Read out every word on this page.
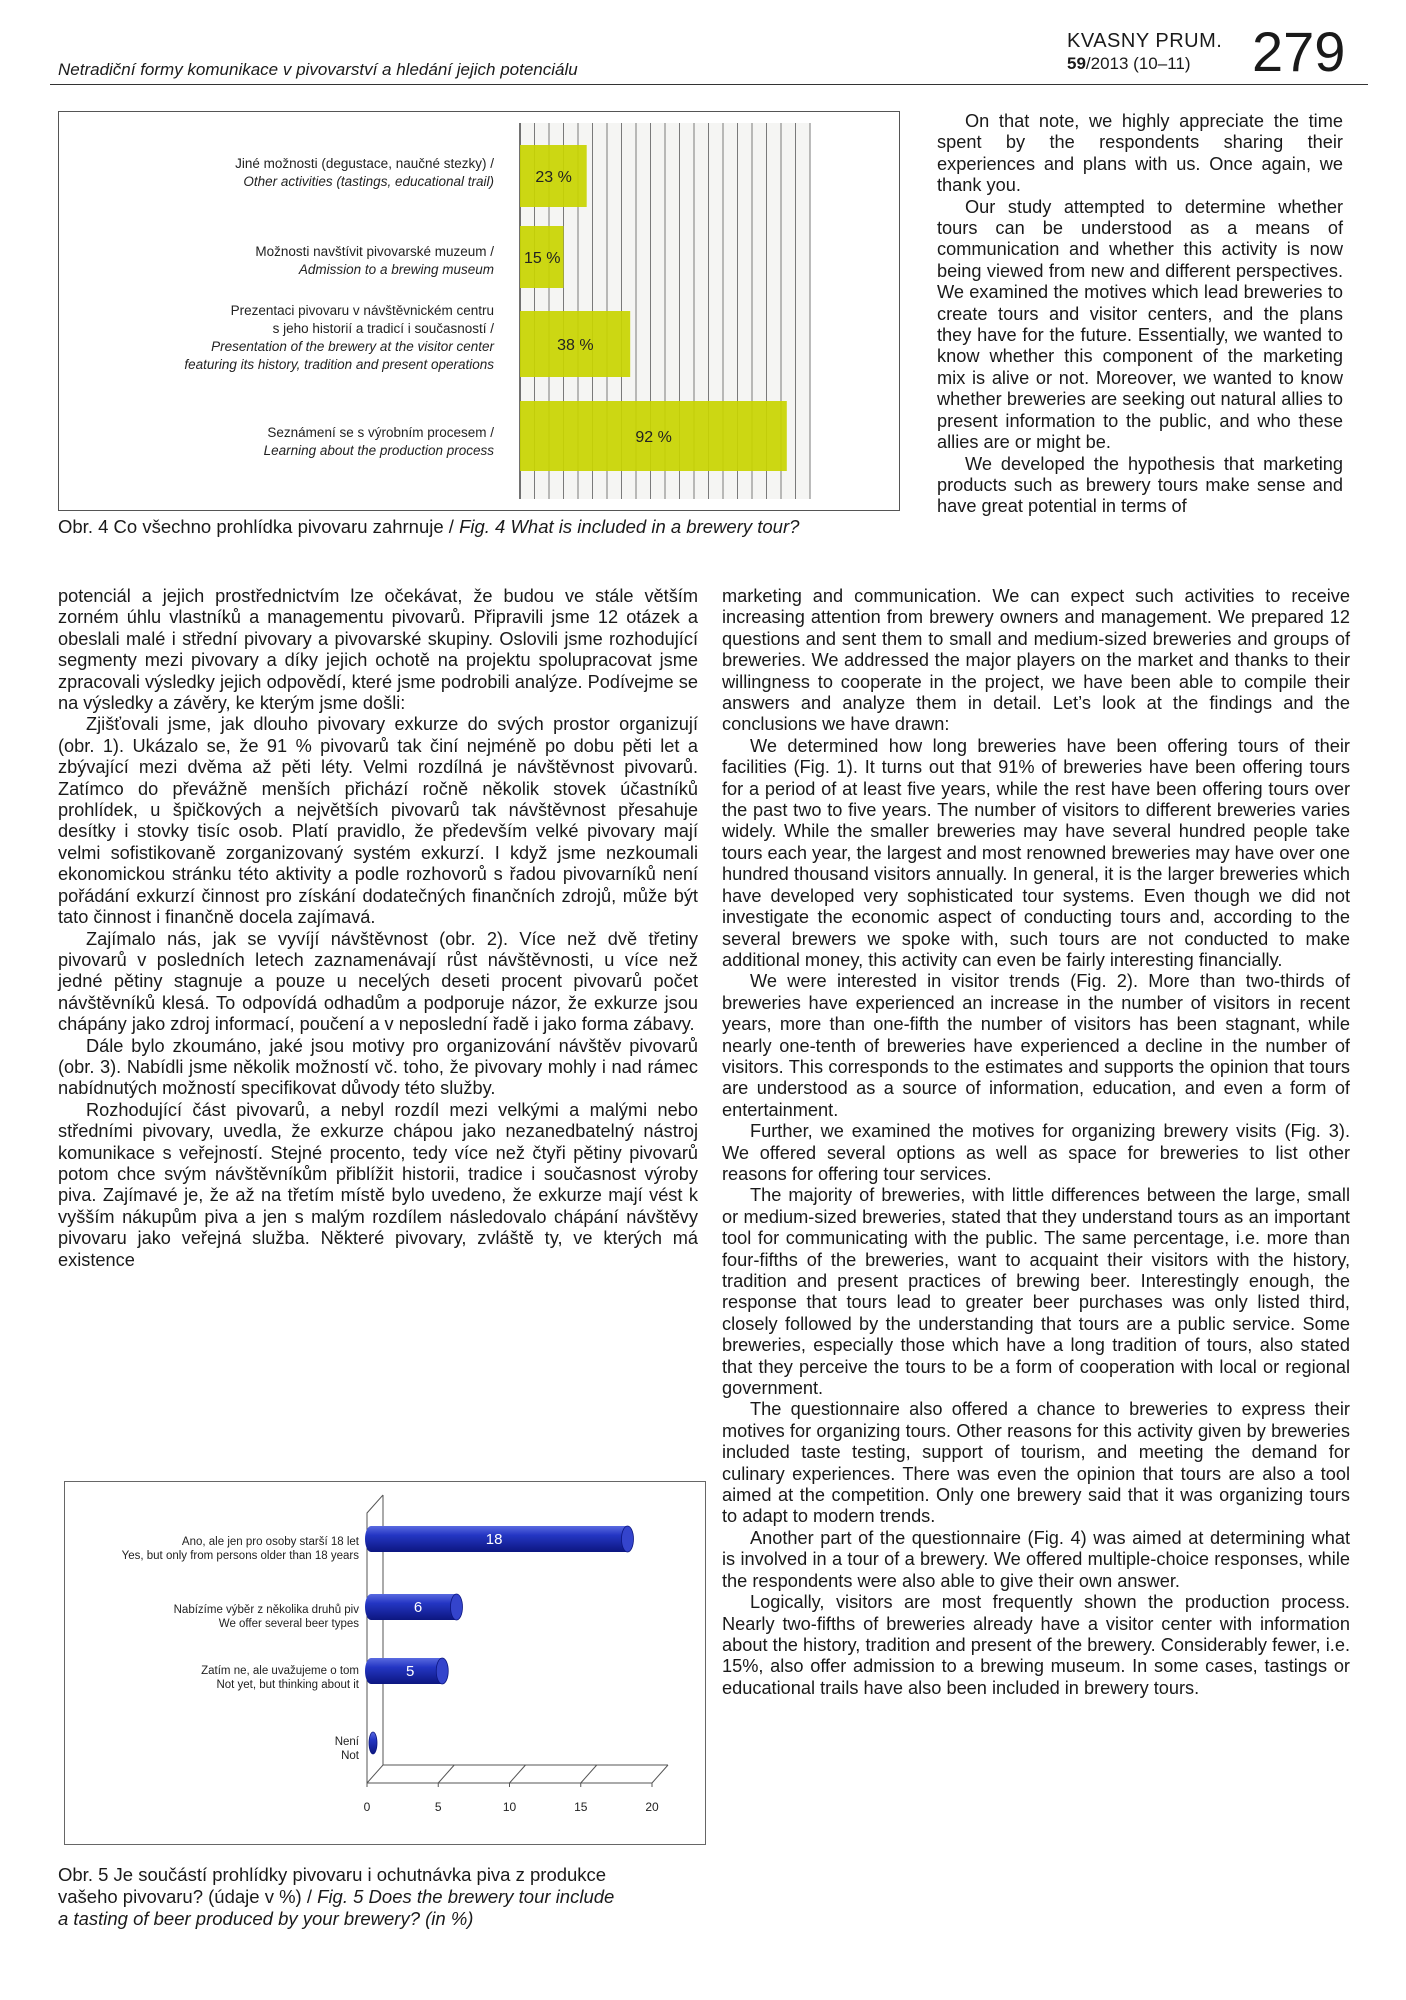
Netradiční formy komunikace v pivovarství a hledání jejich potenciálu
KVASNY PRUM.
59/2013 (10–11) 279
Jiné možnosti (degustace, naučné stezky) /
Other activities (tastings, educational trail)
Možnosti navštívit pivovarské muzeum /
Admission to a brewing museum
Prezentaci pivovaru v návštěvnickém centru
s jeho historií a tradicí i současností /
Presentation of the brewery at the visitor center
featuring its history, tradition and present operations
Seznámení se s výrobním procesem /
Learning about the production process
23 %
15 %
38 %
92 %
Obr. 4 Co všechno prohlídka pivovaru zahrnuje / Fig. 4 What is included in a brewery tour?

On that note, we highly appreciate the time spent by the respondents sharing their experiences and plans with us. Once again, we thank you.

Our study attempted to determine whether tours can be understood as a means of communication and whether this activity is now being viewed from new and different perspectives. We examined the motives which lead breweries to create tours and visitor centers, and the plans they have for the future. Essentially, we wanted to know whether this component of the marketing mix is alive or not. Moreover, we wanted to know whether breweries are seeking out natural allies to present information to the public, and who these allies are or might be.

We developed the hypothesis that marketing products such as brewery tours make sense and have great potential in terms of

potenciál a jejich prostřednictvím lze očekávat, že budou ve stále větším zorném úhlu vlastníků a managementu pivovarů. Připravili jsme 12 otázek a obeslali malé i střední pivovary a pivovarské skupiny. Oslovili jsme rozhodující segmenty mezi pivovary a díky jejich ochotě na projektu spolupracovat jsme zpracovali výsledky jejich odpovědí, které jsme podrobili analýze. Podívejme se na výsledky a závěry, ke kterým jsme došli:

Zjišťovali jsme, jak dlouho pivovary exkurze do svých prostor organizují (obr. 1). Ukázalo se, že 91 % pivovarů tak činí nejméně po dobu pěti let a zbývající mezi dvěma až pěti léty. Velmi rozdílná je návštěvnost pivovarů. Zatímco do převážně menších přichází ročně několik stovek účastníků prohlídek, u špičkových a největších pivovarů tak návštěvnost přesahuje desítky i stovky tisíc osob. Platí pravidlo, že především velké pivovary mají velmi sofistikovaně zorganizovaný systém exkurzí. I když jsme nezkoumali ekonomickou stránku této aktivity a podle rozhovorů s řadou pivovarníků není pořádání exkurzí činnost pro získání dodatečných finančních zdrojů, může být tato činnost i finančně docela zajímavá.

Zajímalo nás, jak se vyvíjí návštěvnost (obr. 2). Více než dvě třetiny pivovarů v posledních letech zaznamenávají růst návštěvnosti, u více než jedné pětiny stagnuje a pouze u necelých deseti procent pivovarů počet návštěvníků klesá. To odpovídá odhadům a podporuje názor, že exkurze jsou chápány jako zdroj informací, poučení a v neposlední řadě i jako forma zábavy.

Dále bylo zkoumáno, jaké jsou motivy pro organizování návštěv pivovarů (obr. 3). Nabídli jsme několik možností vč. toho, že pivovary mohly i nad rámec nabídnutých možností specifikovat důvody této služby.

Rozhodující část pivovarů, a nebyl rozdíl mezi velkými a malými nebo středními pivovary, uvedla, že exkurze chápou jako nezanedbatelný nástroj komunikace s veřejností. Stejné procento, tedy více než čtyři pětiny pivovarů potom chce svým návštěvníkům přiblížit historii, tradice i současnost výroby piva. Zajímavé je, že až na třetím místě bylo uvedeno, že exkurze mají vést k vyšším nákupům piva a jen s malým rozdílem následovalo chápání návštěvy pivovaru jako veřejná služba. Některé pivovary, zvláště ty, ve kterých má existence

marketing and communication. We can expect such activities to receive increasing attention from brewery owners and management. We prepared 12 questions and sent them to small and medium-sized breweries and groups of breweries. We addressed the major players on the market and thanks to their willingness to cooperate in the project, we have been able to compile their answers and analyze them in detail. Let’s look at the findings and the conclusions we have drawn:

We determined how long breweries have been offering tours of their facilities (Fig. 1). It turns out that 91% of breweries have been offering tours for a period of at least five years, while the rest have been offering tours over the past two to five years. The number of visitors to different breweries varies widely. While the smaller breweries may have several hundred people take tours each year, the largest and most renowned breweries may have over one hundred thousand visitors annually. In general, it is the larger breweries which have developed very sophisticated tour systems. Even though we did not investigate the economic aspect of conducting tours and, according to the several brewers we spoke with, such tours are not conducted to make additional money, this activity can even be fairly interesting financially.

We were interested in visitor trends (Fig. 2). More than two-thirds of breweries have experienced an increase in the number of visitors in recent years, more than one-fifth the number of visitors has been stagnant, while nearly one-tenth of breweries have experienced a decline in the number of visitors. This corresponds to the estimates and supports the opinion that tours are understood as a source of information, education, and even a form of entertainment.

Further, we examined the motives for organizing brewery visits (Fig. 3). We offered several options as well as space for breweries to list other reasons for offering tour services.

The majority of breweries, with little differences between the large, small or medium-sized breweries, stated that they understand tours as an important tool for communicating with the public. The same percentage, i.e. more than four-fifths of the breweries, want to acquaint their visitors with the history, tradition and present practices of brewing beer. Interestingly enough, the response that tours lead to greater beer purchases was only listed third, closely followed by the understanding that tours are a public service. Some breweries, especially those which have a long tradition of tours, also stated that they perceive the tours to be a form of cooperation with local or regional government.

The questionnaire also offered a chance to breweries to express their motives for organizing tours. Other reasons for this activity given by breweries included taste testing, support of tourism, and meeting the demand for culinary experiences. There was even the opinion that tours are also a tool aimed at the competition. Only one brewery said that it was organizing tours to adapt to modern trends.

Another part of the questionnaire (Fig. 4) was aimed at determining what is involved in a tour of a brewery. We offered multiple-choice responses, while the respondents were also able to give their own answer.

Logically, visitors are most frequently shown the production process. Nearly two-fifths of breweries already have a visitor center with information about the history, tradition and present of the brewery. Considerably fewer, i.e. 15%, also offer admission to a brewing museum. In some cases, tastings or educational trails have also been included in brewery tours.

Ano, ale jen pro osoby starší 18 let
Yes, but only from persons older than 18 years
Nabízíme výběr z několika druhů piv
We offer several beer types
Zatím ne, ale uvažujeme o tom
Not yet, but thinking about it
Není
Not
0	5	10	15	20
18
6
5
Obr. 5 Je součástí prohlídky pivovaru i ochutnávka piva z produkce
vašeho pivovaru? (údaje v %) / Fig. 5 Does the brewery tour include
a tasting of beer produced by your brewery? (in %)
